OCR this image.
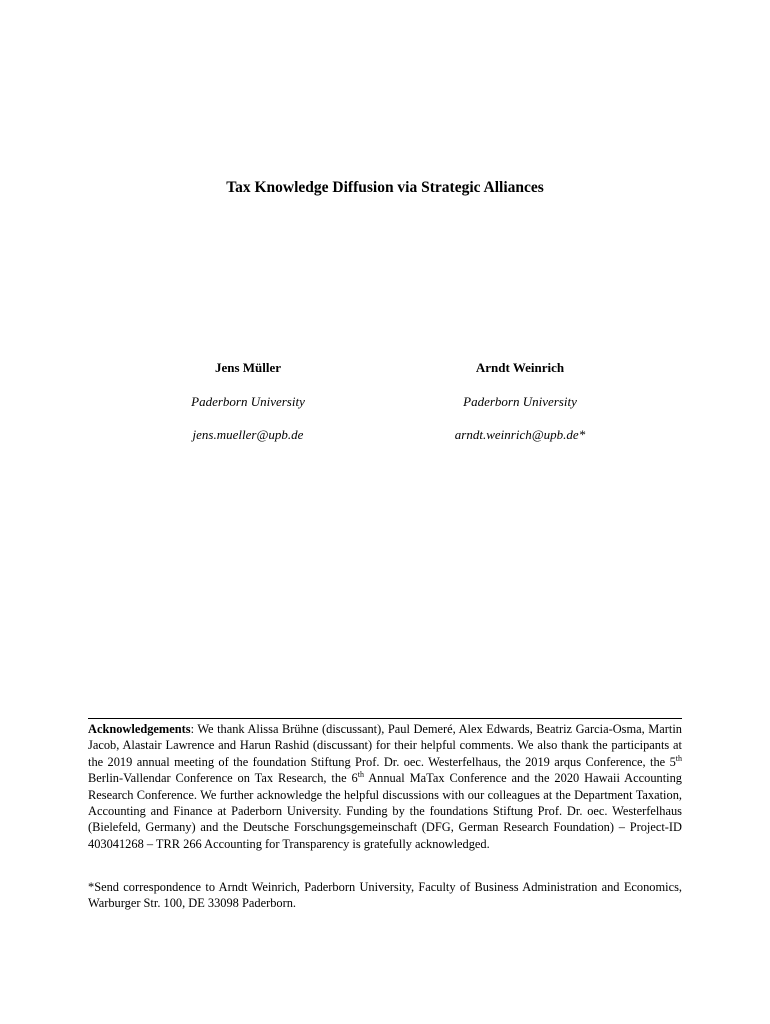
Tax Knowledge Diffusion via Strategic Alliances
Jens Müller
Paderborn University
jens.mueller@upb.de
Arndt Weinrich
Paderborn University
arndt.weinrich@upb.de*

Acknowledgements: We thank Alissa Brühne (discussant), Paul Demeré, Alex Edwards, Beatriz Garcia-Osma, Martin Jacob, Alastair Lawrence and Harun Rashid (discussant) for their helpful comments. We also thank the participants at the 2019 annual meeting of the foundation Stiftung Prof. Dr. oec. Westerfelhaus, the 2019 arqus Conference, the 5th Berlin-Vallendar Conference on Tax Research, the 6th Annual MaTax Conference and the 2020 Hawaii Accounting Research Conference. We further acknowledge the helpful discussions with our colleagues at the Department Taxation, Accounting and Finance at Paderborn University. Funding by the foundations Stiftung Prof. Dr. oec. Westerfelhaus (Bielefeld, Germany) and the Deutsche Forschungsgemeinschaft (DFG, German Research Foundation) – Project-ID 403041268 – TRR 266 Accounting for Transparency is gratefully acknowledged.

*Send correspondence to Arndt Weinrich, Paderborn University, Faculty of Business Administration and Economics, Warburger Str. 100, DE 33098 Paderborn.
